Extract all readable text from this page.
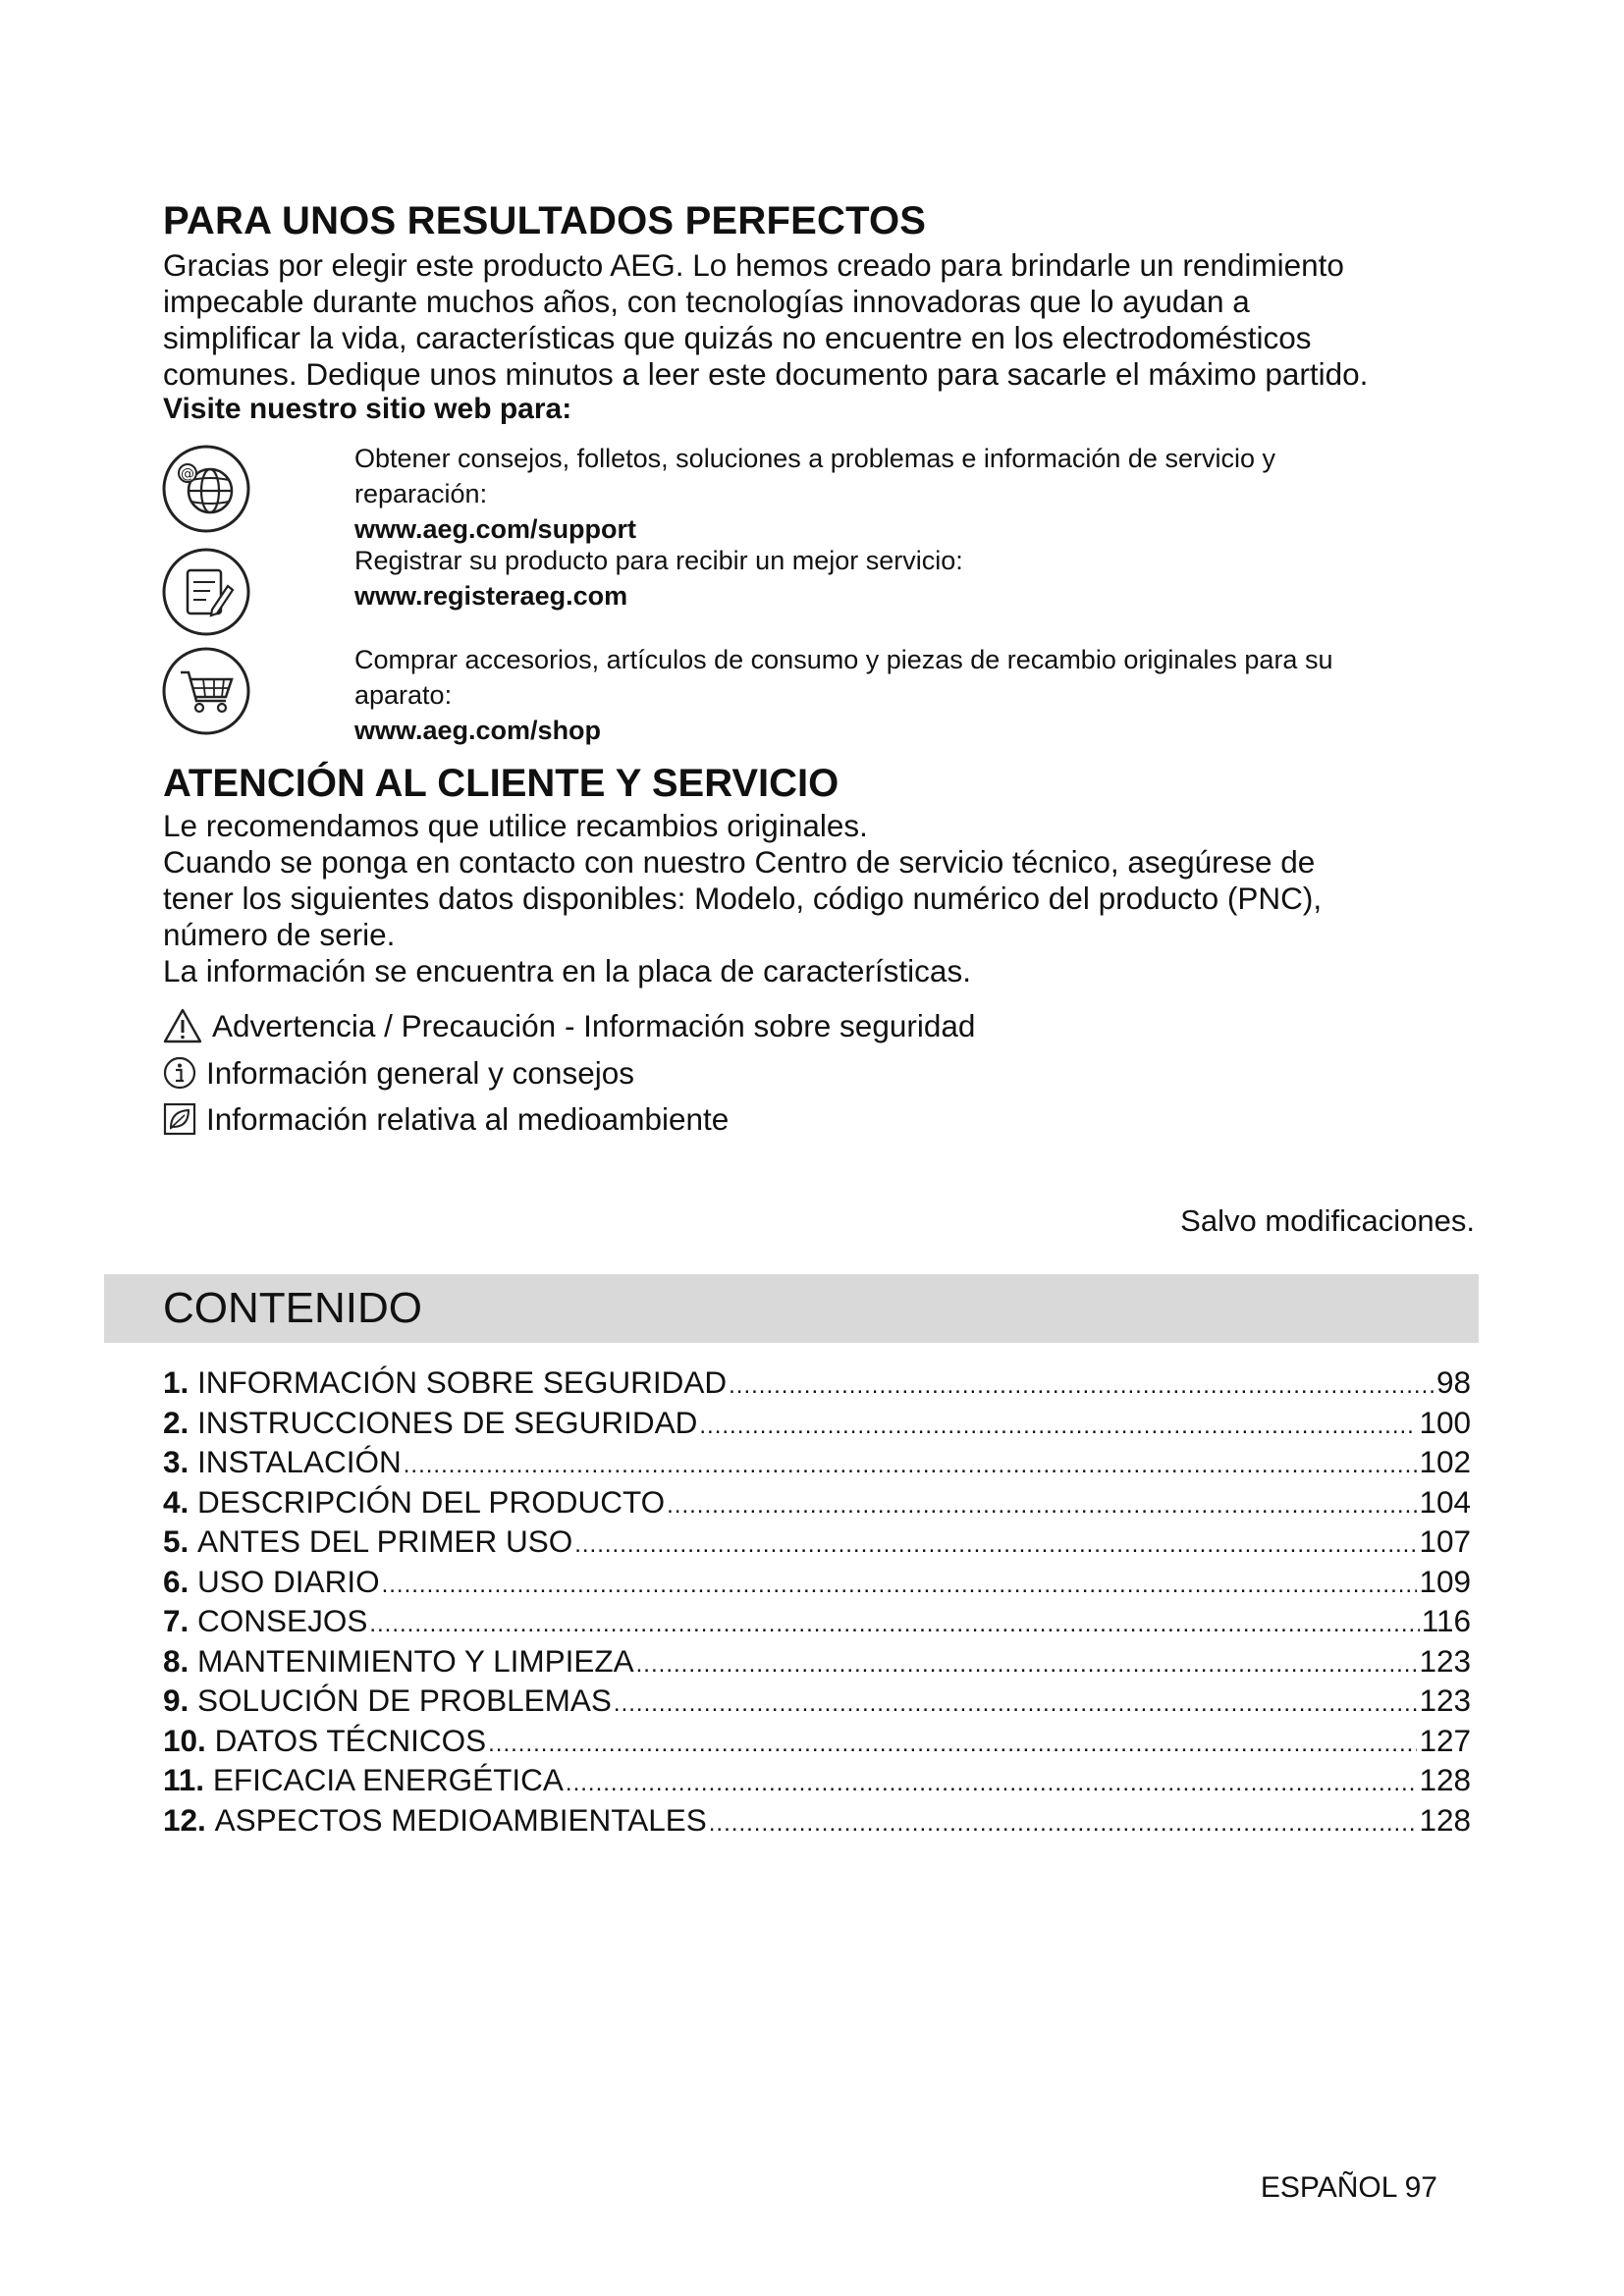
PARA UNOS RESULTADOS PERFECTOS

Gracias por elegir este producto AEG. Lo hemos creado para brindarle un rendimiento
impecable durante muchos años, con tecnologías innovadoras que lo ayudan a
simplificar la vida, características que quizás no encuentre en los electrodomésticos
comunes. Dedique unos minutos a leer este documento para sacarle el máximo partido.

Visite nuestro sitio web para:

@

Obtener consejos, folletos, soluciones a problemas e información de servicio y
reparación:
www.aeg.com/support

Registrar su producto para recibir un mejor servicio:
www.registeraeg.com

Comprar accesorios, artículos de consumo y piezas de recambio originales para su
aparato:
www.aeg.com/shop

ATENCIÓN AL CLIENTE Y SERVICIO

Le recomendamos que utilice recambios originales.
Cuando se ponga en contacto con nuestro Centro de servicio técnico, asegúrese de
tener los siguientes datos disponibles: Modelo, código numérico del producto (PNC),
número de serie.
La información se encuentra en la placa de características.

Advertencia / Precaución - Información sobre seguridad
Información general y consejos
Información relativa al medioambiente

Salvo modificaciones.

CONTENIDO
1.
INFORMACIÓN SOBRE SEGURIDAD .....	98
2.
INSTRUCCIONES DE SEGURIDAD .....	100
3.
INSTALACIÓN .....	102
4.
DESCRIPCIÓN DEL PRODUCTO .....	104
5.
ANTES DEL PRIMER USO .....	107
6.
USO DIARIO .....	109
7.
CONSEJOS .....	116
8.
MANTENIMIENTO Y LIMPIEZA .....	123
9.
SOLUCIÓN DE PROBLEMAS .....	123
10.
DATOS TÉCNICOS .....	127
11.
EFICACIA ENERGÉTICA .....	128
12.
ASPECTOS MEDIOAMBIENTALES .....	128

ESPAÑOL 97
